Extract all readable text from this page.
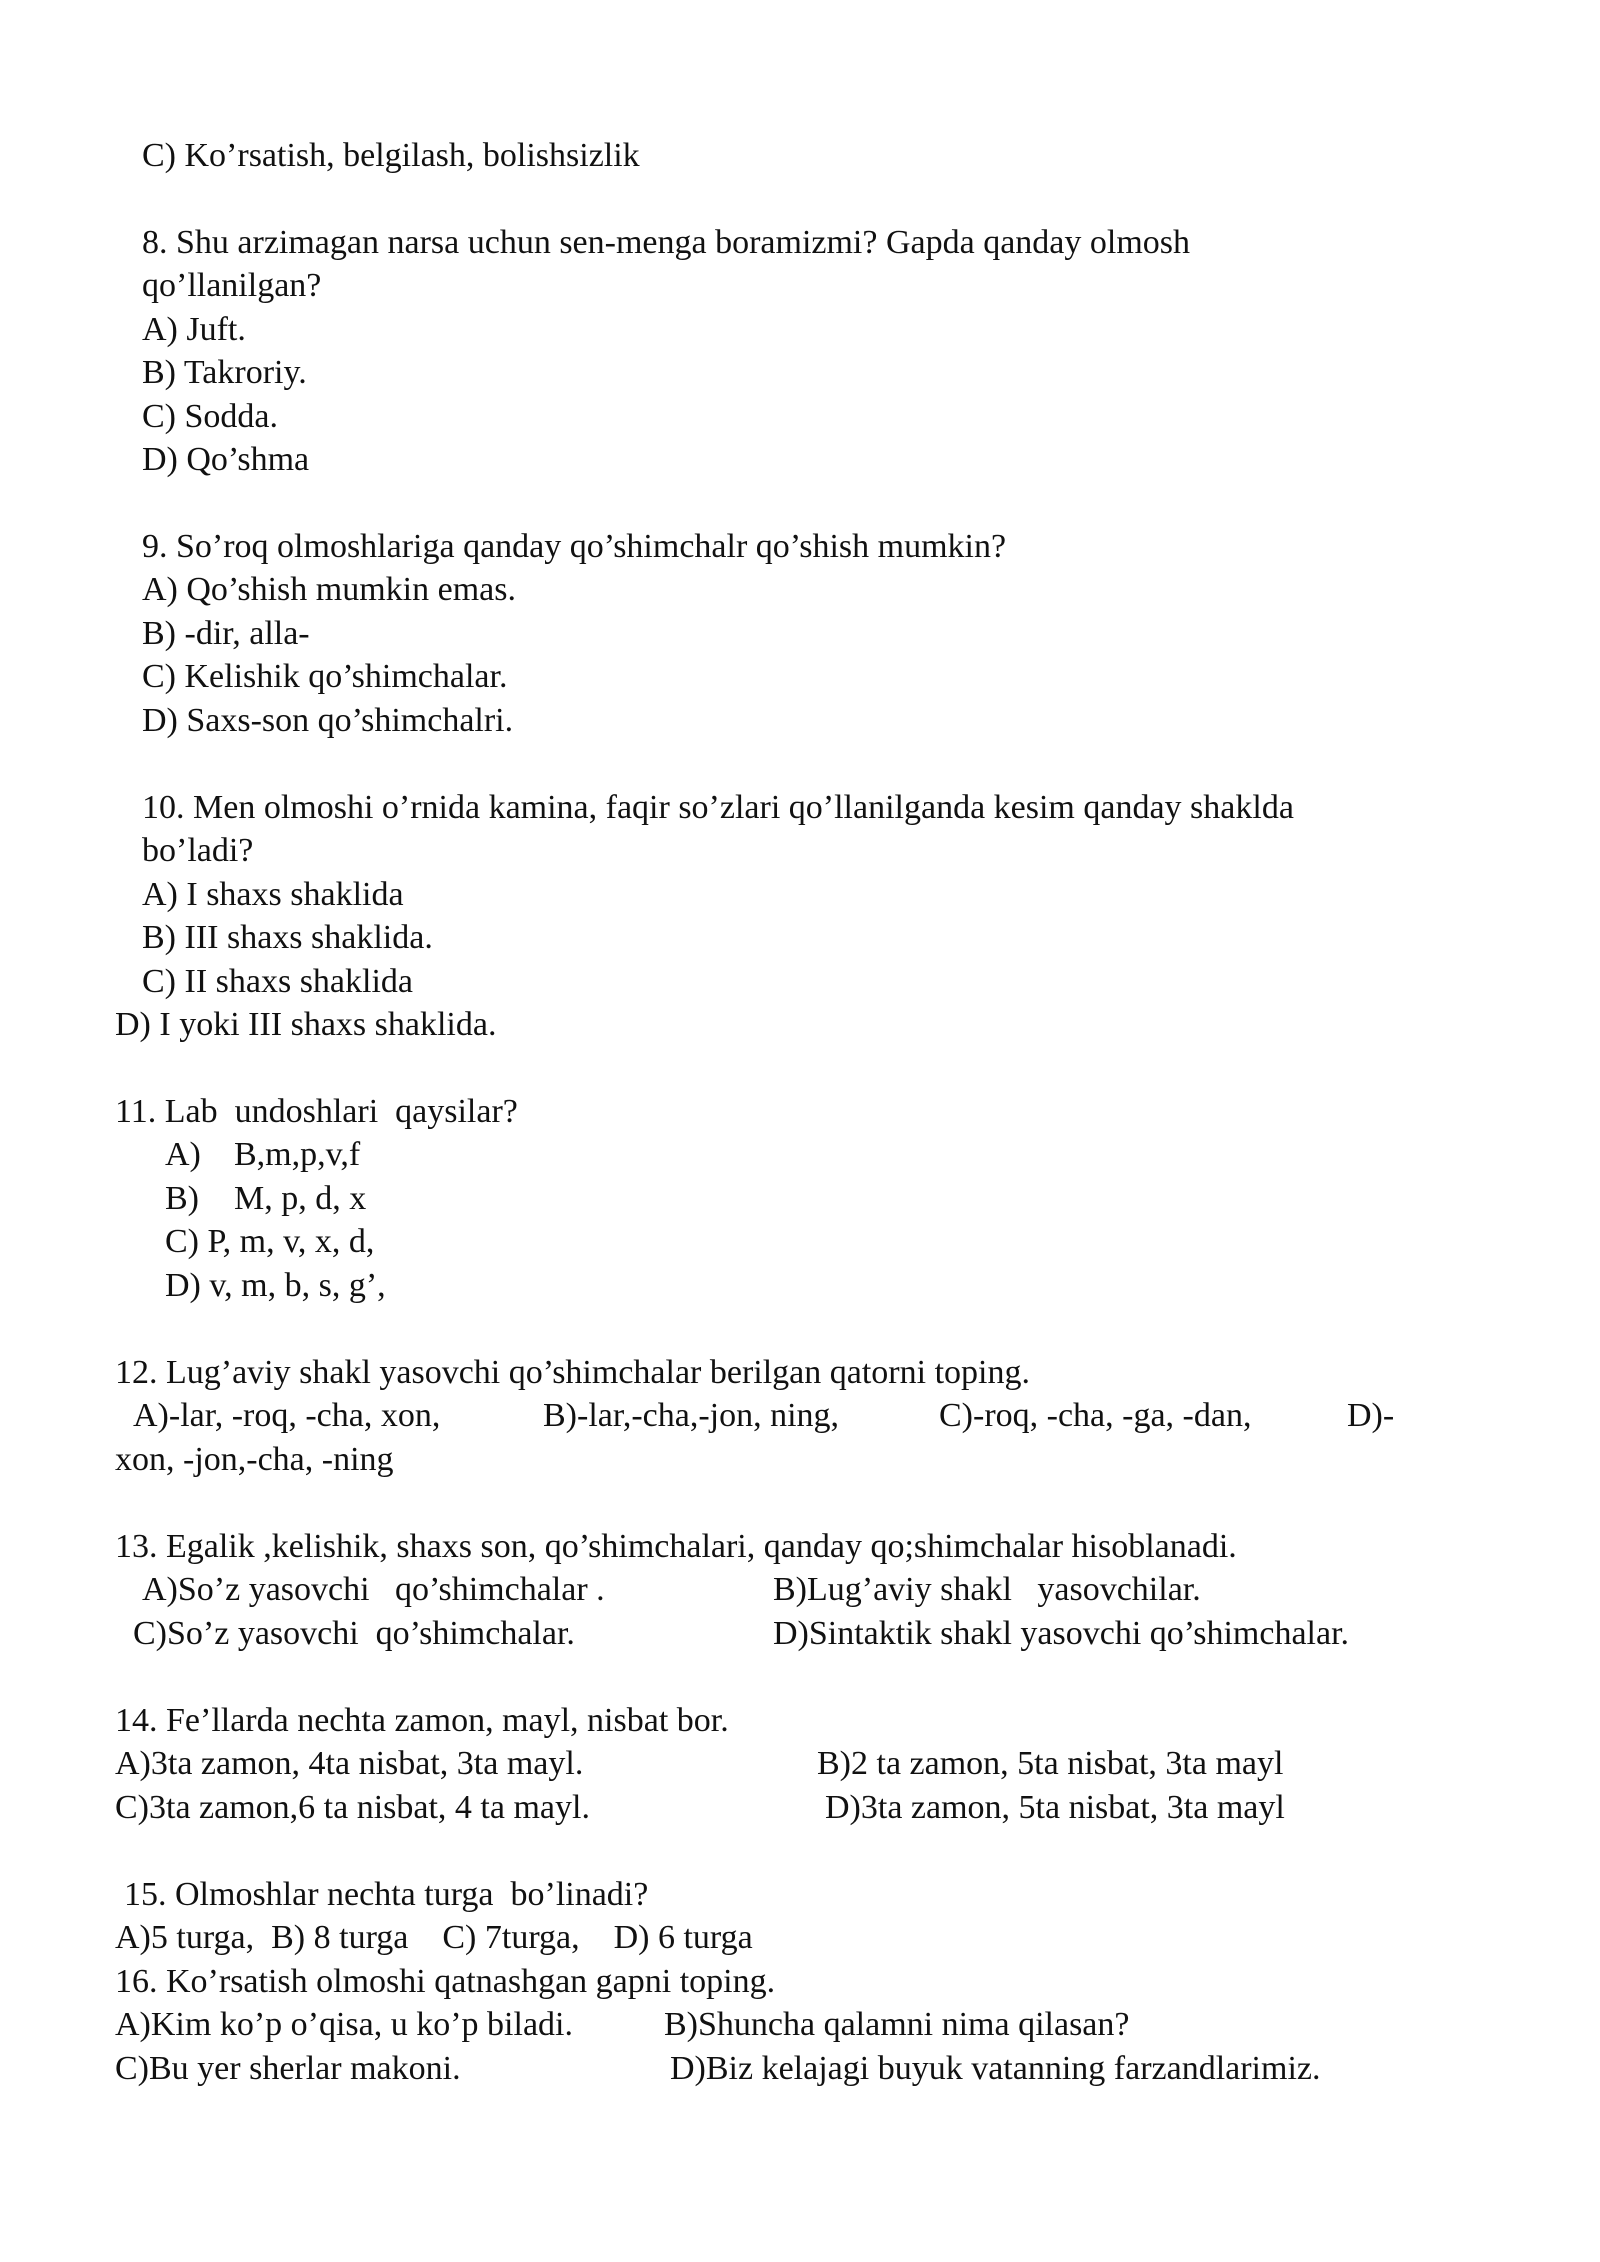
C) Ko’rsatish, belgilash, bolishsizlik
8. Shu arzimagan narsa uchun sen-menga boramizmi? Gapda qanday olmosh
qo’llanilgan?
A) Juft.
B) Takroriy.
C) Sodda.
D) Qo’shma
9. So’roq olmoshlariga qanday qo’shimchalr qo’shish mumkin?
A) Qo’shish mumkin emas.
B) -dir, alla-
C) Kelishik qo’shimchalar.
D) Saxs-son qo’shimchalri.
10. Men olmoshi o’rnida kamina, faqir so’zlari qo’llanilganda kesim qanday shaklda
bo’ladi?
A) I shaxs shaklida
B) III shaxs shaklida.
C) II shaxs shaklida
D) I yoki III shaxs shaklida.
11. Lab  undoshlari  qaysilar?
A) B,m,p,v,f
B) M, p, d, x
C) P, m, v, x, d,
D) v, m, b, s, g’,
12. Lug’aviy shakl yasovchi qo’shimchalar berilgan qatorni toping.
A)-lar, -roq, -cha, xon,	B)-lar,-cha,-jon, ning,	C)-roq, -cha, -ga, -dan,	D)-
xon, -jon,-cha, -ning
13. Egalik ,kelishik, shaxs son, qo’shimchalari, qanday qo;shimchalar hisoblanadi.
A)So’z yasovchi   qo’shimchalar .	B)Lug’aviy shakl   yasovchilar.
C)So’z yasovchi  qo’shimchalar.	D)Sintaktik shakl yasovchi qo’shimchalar.
14. Fe’llarda nechta zamon, mayl, nisbat bor.
A)3ta zamon, 4ta nisbat, 3ta mayl.	B)2 ta zamon, 5ta nisbat, 3ta mayl
C)3ta zamon,6 ta nisbat, 4 ta mayl.	D)3ta zamon, 5ta nisbat, 3ta mayl
15. Olmoshlar nechta turga  bo’linadi?
A)5 turga,  B) 8 turga    C) 7turga,    D) 6 turga
16. Ko’rsatish olmoshi qatnashgan gapni toping.
A)Kim ko’p o’qisa, u ko’p biladi.	B)Shuncha qalamni nima qilasan?
C)Bu yer sherlar makoni.	D)Biz kelajagi buyuk vatanning farzandlarimiz.
